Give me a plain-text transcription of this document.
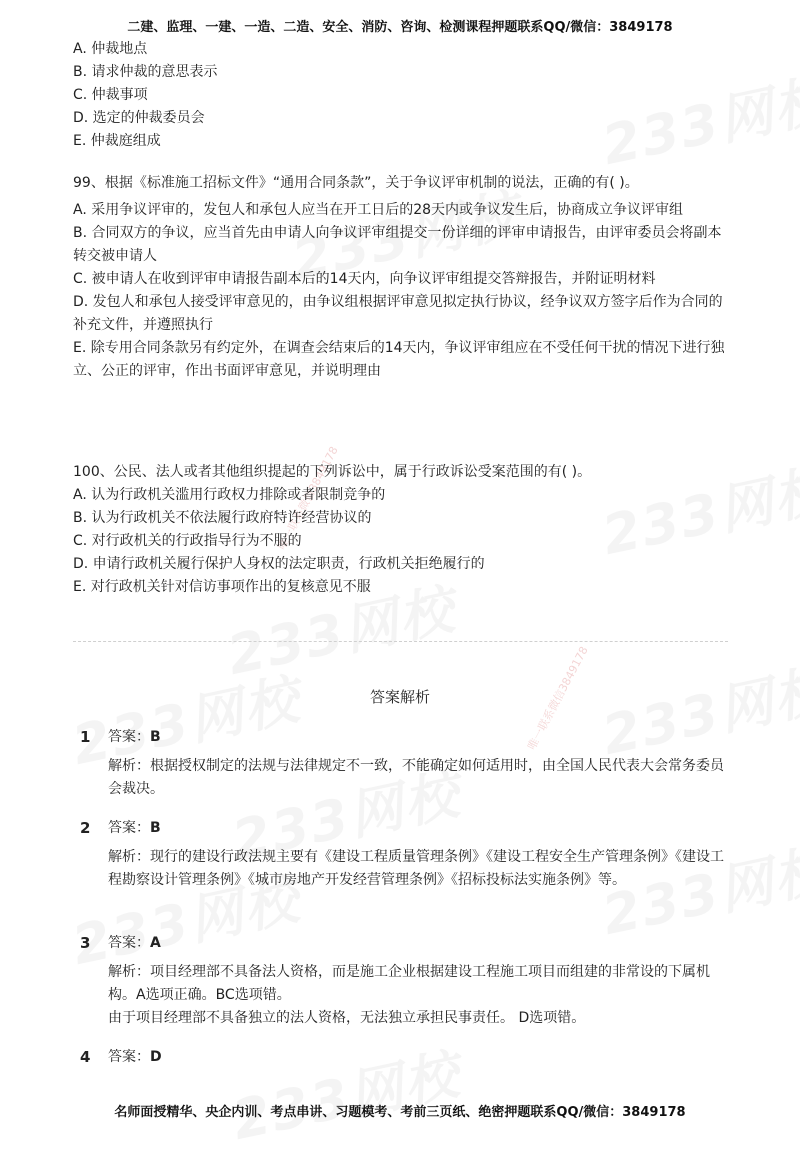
唯一联系微信3849178
唯一联系微信3849178
二建、监理、一建、一造、二造、安全、消防、咨询、检测课程押题联系QQ/微信：3849178

A. 仲裁地点

B. 请求仲裁的意思表示

C. 仲裁事项

D. 选定的仲裁委员会

E. 仲裁庭组成

99、根据《标准施工招标文件》“通用合同条款”，关于争议评审机制的说法，正确的有( )。

A. 采用争议评审的，发包人和承包人应当在开工日后的28天内或争议发生后，协商成立争议评审组

B. 合同双方的争议，应当首先由申请人向争议评审组提交一份详细的评审申请报告，由评审委员会将副本转交被申请人

C. 被申请人在收到评审申请报告副本后的14天内，向争议评审组提交答辩报告，并附证明材料

D. 发包人和承包人接受评审意见的，由争议组根据评审意见拟定执行协议，经争议双方签字后作为合同的补充文件，并遵照执行

E. 除专用合同条款另有约定外，在调查会结束后的14天内，争议评审组应在不受任何干扰的情况下进行独立、公正的评审，作出书面评审意见，并说明理由

100、公民、法人或者其他组织提起的下列诉讼中，属于行政诉讼受案范围的有( )。

A. 认为行政机关滥用行政权力排除或者限制竞争的

B. 认为行政机关不依法履行政府特许经营协议的

C. 对行政机关的行政指导行为不服的

D. 申请行政机关履行保护人身权的法定职责，行政机关拒绝履行的

E. 对行政机关针对信访事项作出的复核意见不服

答案解析
1	答案： B

解析：根据授权制定的法规与法律规定不一致，不能确定如何适用时，由全国人民代表大会常务委员会裁决。

2	答案： B

解析：现行的建设行政法规主要有《建设工程质量管理条例》《建设工程安全生产管理条例》《建设工程勘察设计管理条例》《城市房地产开发经营管理条例》《招标投标法实施条例》等。

3	答案： A

解析：项目经理部不具备法人资格，而是施工企业根据建设工程施工项目而组建的非常设的下属机构。A选项正确。BC选项错。

由于项目经理部不具备独立的法人资格，无法独立承担民事责任。 D选项错。

4	答案： D
名师面授精华、央企内训、考点串讲、习题模考、考前三页纸、绝密押题联系QQ/微信：3849178
